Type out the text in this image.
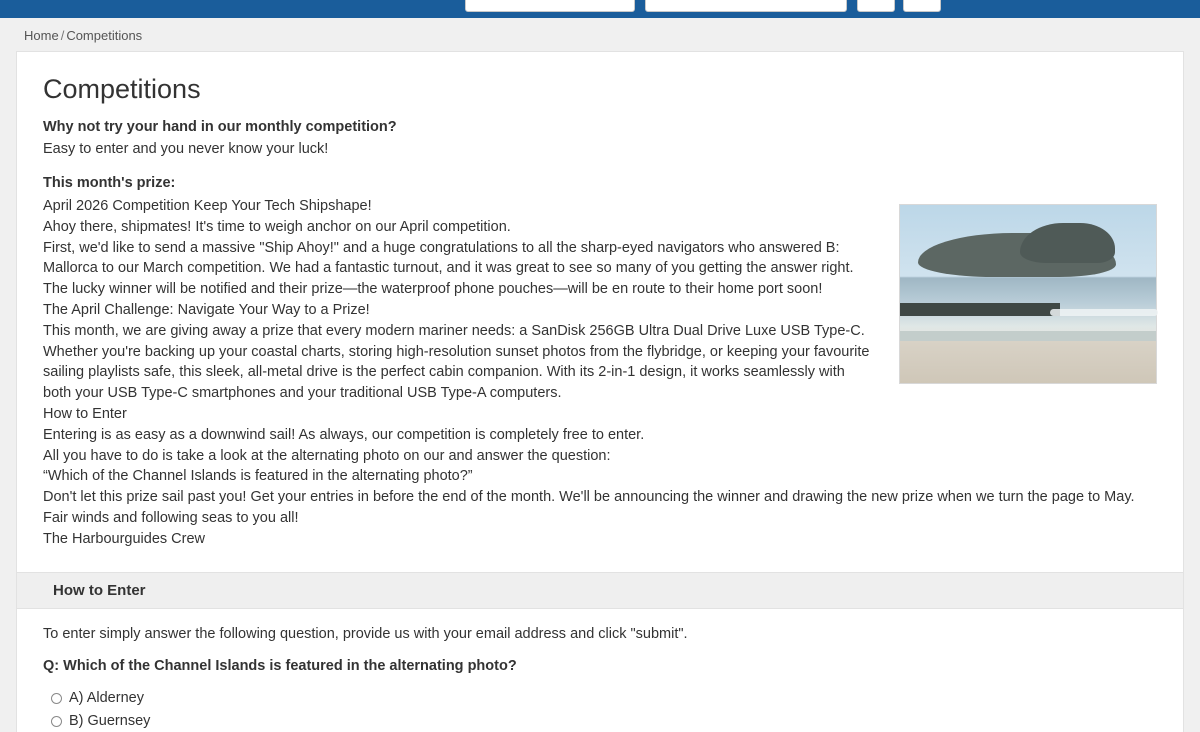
Home / Competitions
Competitions

Why not try your hand in our monthly competition?

Easy to enter and you never know your luck!

This month's prize:

April 2026 Competition Keep Your Tech Shipshape!

Ahoy there, shipmates! It's time to weigh anchor on our April competition.

First, we'd like to send a massive "Ship Ahoy!" and a huge congratulations to all the sharp-eyed navigators who answered B: Mallorca to our March competition. We had a fantastic turnout, and it was great to see so many of you getting the answer right. The lucky winner will be notified and their prize—the waterproof phone pouches—will be en route to their home port soon!

The April Challenge: Navigate Your Way to a Prize!

This month, we are giving away a prize that every modern mariner needs: a SanDisk 256GB Ultra Dual Drive Luxe USB Type-C.

Whether you're backing up your coastal charts, storing high-resolution sunset photos from the flybridge, or keeping your favourite sailing playlists safe, this sleek, all-metal drive is the perfect cabin companion. With its 2-in-1 design, it works seamlessly with both your USB Type-C smartphones and your traditional USB Type-A computers.

How to Enter

Entering is as easy as a downwind sail! As always, our competition is completely free to enter.

All you have to do is take a look at the alternating photo on our and answer the question:

“Which of the Channel Islands is featured in the alternating photo?”

Don't let this prize sail past you! Get your entries in before the end of the month. We'll be announcing the winner and drawing the new prize when we turn the page to May.

Fair winds and following seas to you all!

The Harbourguides Crew

How to Enter

To enter simply answer the following question, provide us with your email address and click "submit".

Q: Which of the Channel Islands is featured in the alternating photo?

A) Alderney
B) Guernsey
